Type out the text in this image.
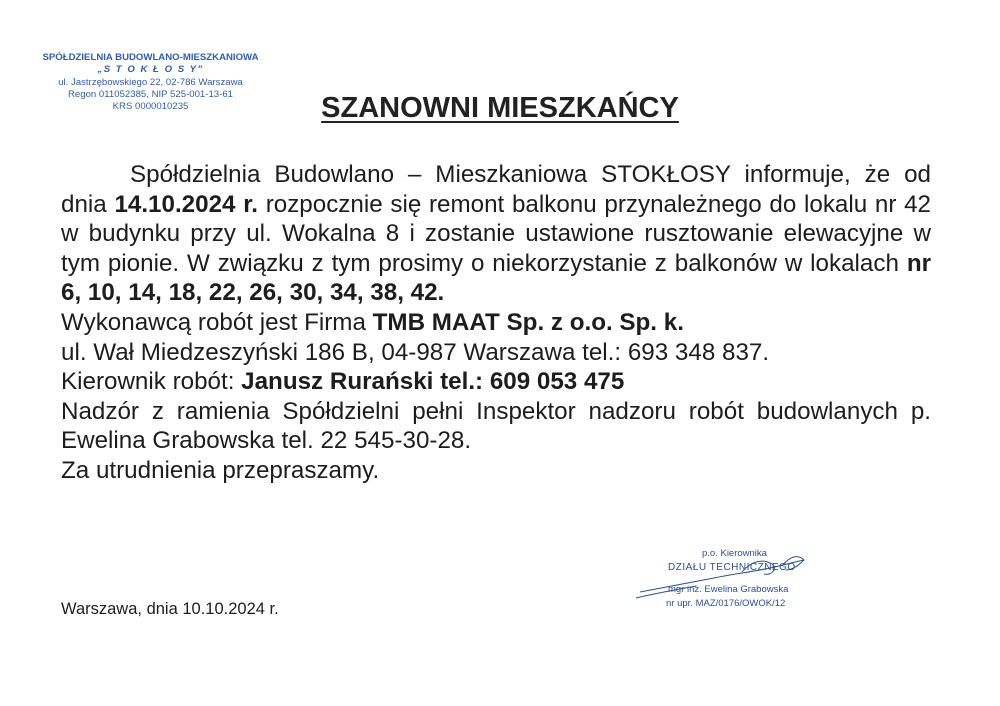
SPÓŁDZIELNIA BUDOWLANO-MIESZKANIOWA
„S T O K Ł O S Y"
ul. Jastrzębowskiego 22, 02-786 Warszawa
Regon 011052385, NIP 525-001-13-61
KRS 0000010235	SZANOWNI MIESZKAŃCY

Spółdzielnia Budowlano – Mieszkaniowa STOKŁOSY informuje, że od dnia 14.10.2024 r. rozpocznie się remont balkonu przynależnego do lokalu nr 42 w budynku przy ul. Wokalna 8 i zostanie ustawione rusztowanie elewacyjne w tym pionie. W związku z tym prosimy o niekorzystanie z balkonów w lokalach nr 6, 10, 14, 18, 22, 26, 30, 34, 38, 42.

Wykonawcą robót jest Firma TMB MAAT Sp. z o.o. Sp. k.

ul. Wał Miedzeszyński 186 B, 04-987 Warszawa tel.: 693 348 837.

Kierownik robót: Janusz Rurański tel.: 609 053 475

Nadzór z ramienia Spółdzielni pełni Inspektor nadzoru robót budowlanych p. Ewelina Grabowska tel. 22 545-30-28.

Za utrudnienia przepraszamy.

Warszawa, dnia 10.10.2024 r.
p.o. Kierownika
DZIAŁU TECHNICZNEGO
mgr inż. Ewelina Grabowska
nr upr. MAZ/0176/OWOK/12
